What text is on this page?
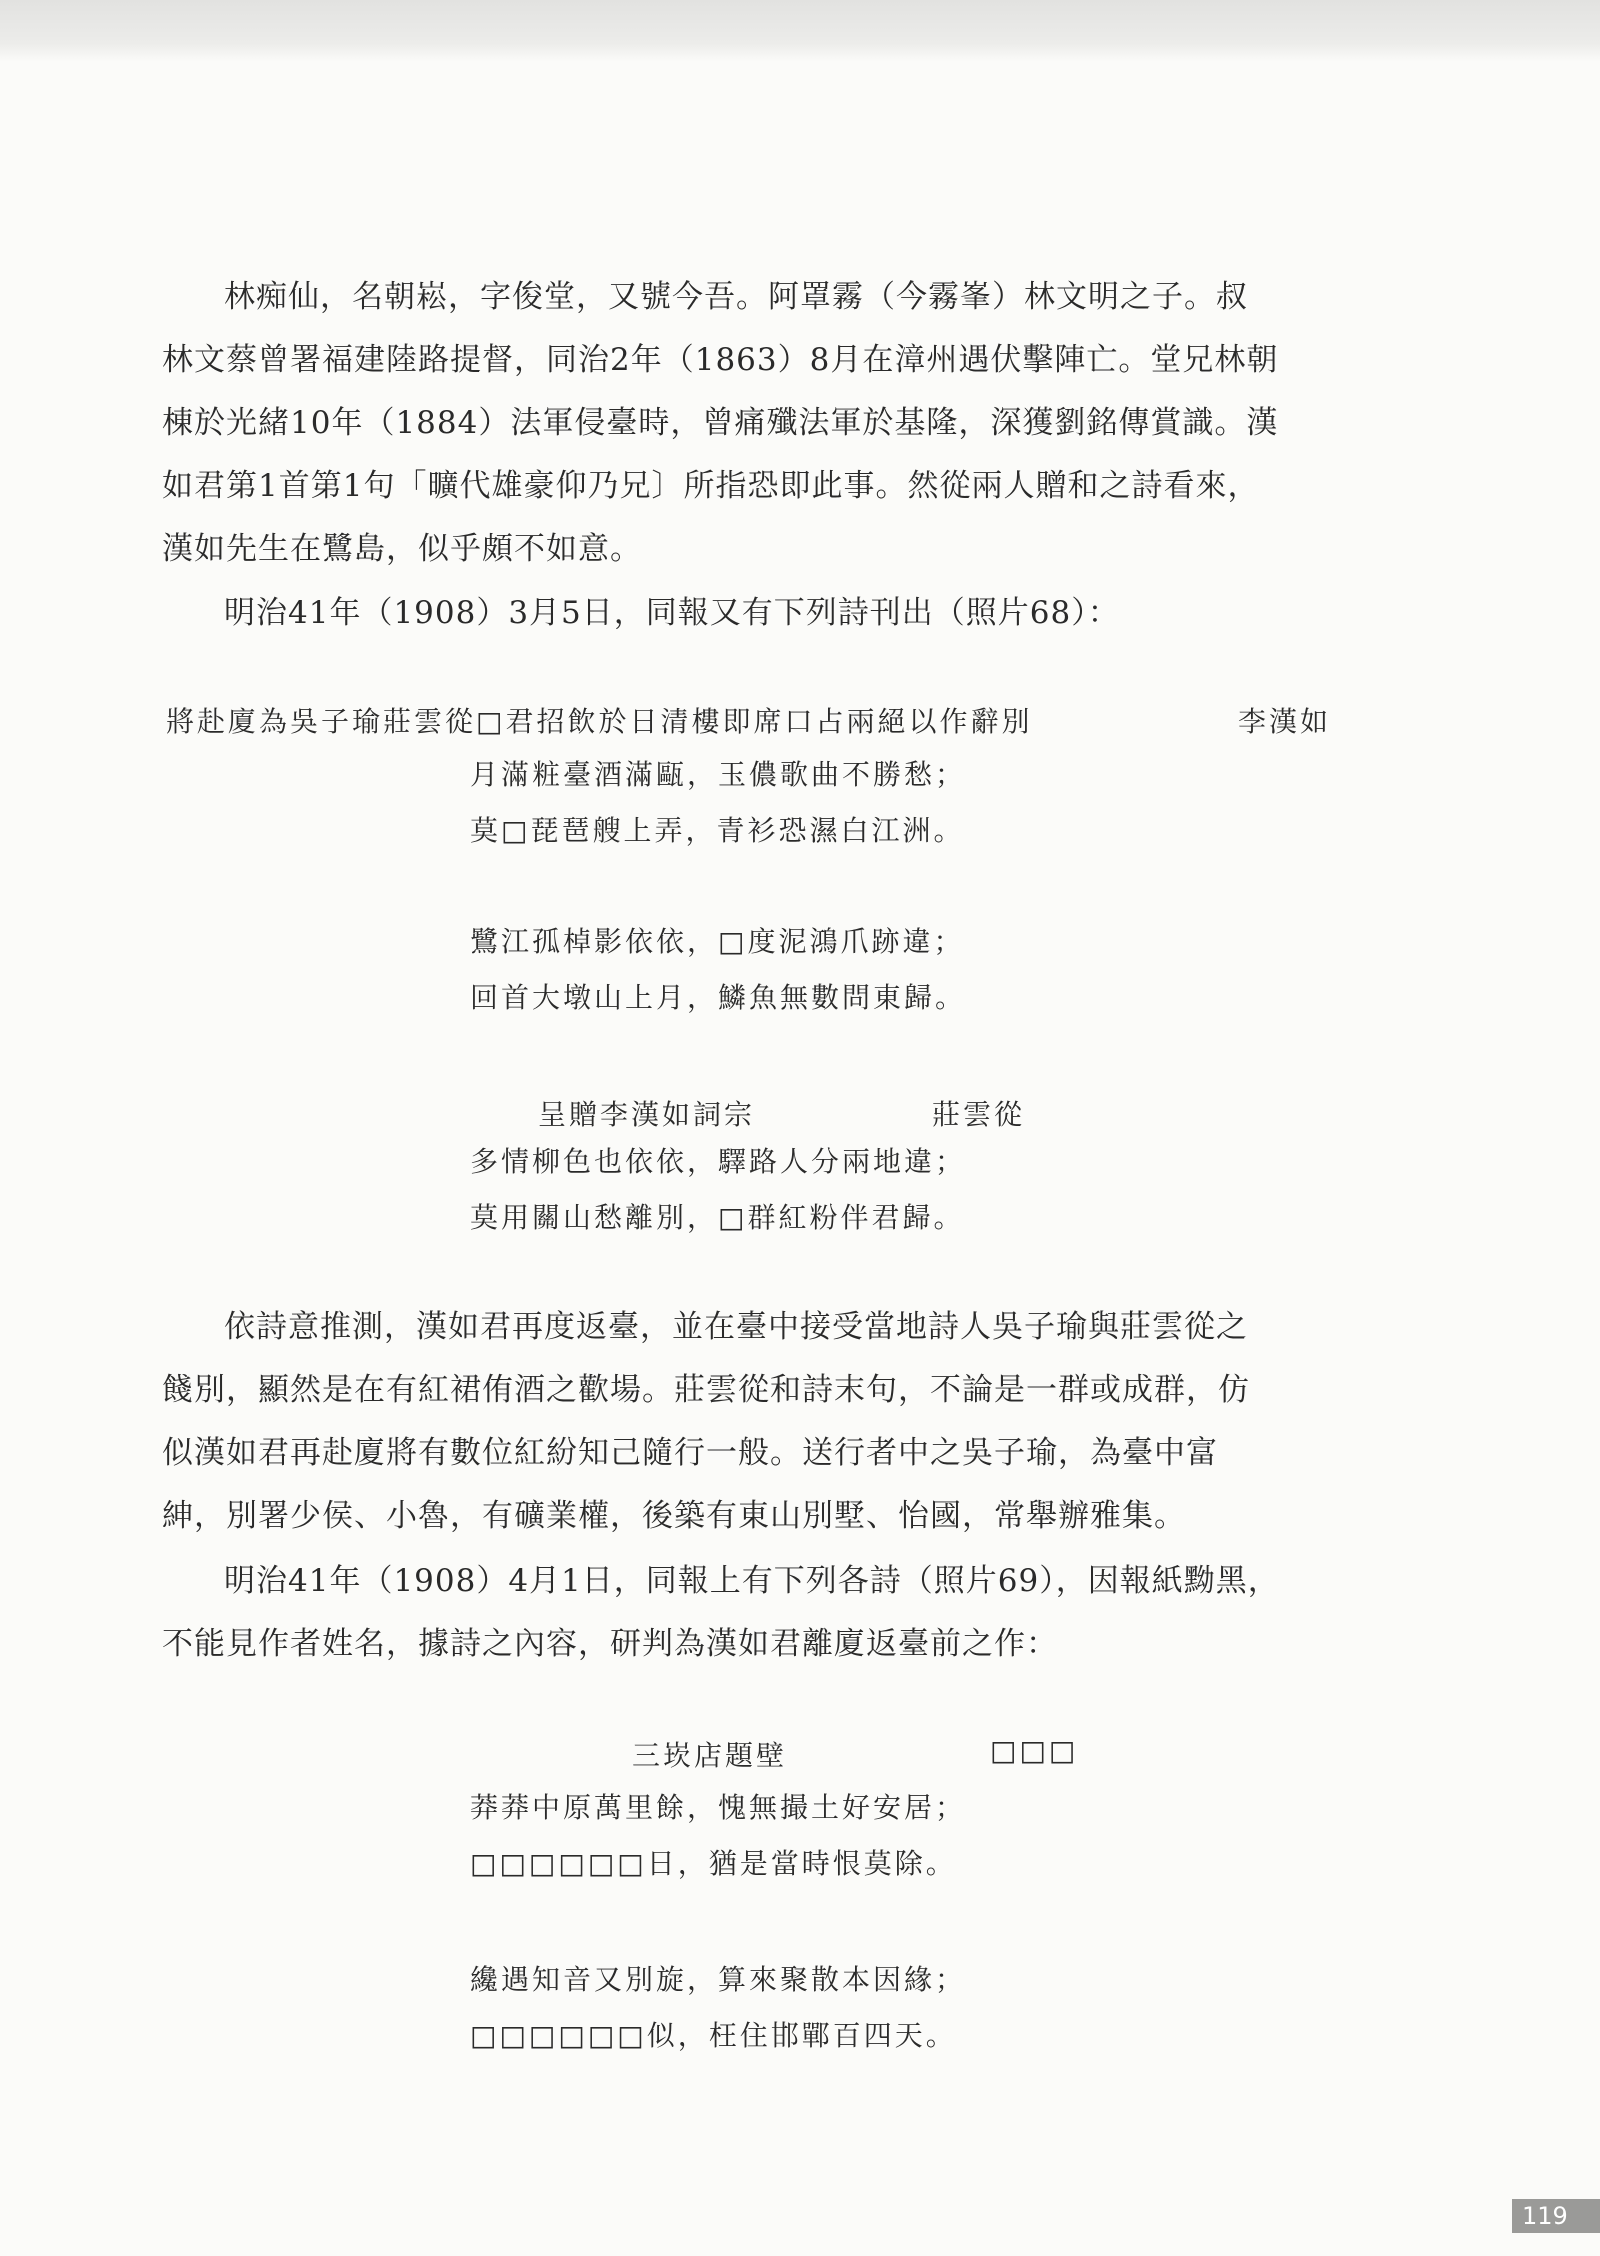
林痴仙，名朝崧，字俊堂，又號今吾。阿罩霧（今霧峯）林文明之子。叔
林文蔡曾署福建陸路提督，同治2年（1863）8月在漳州遇伏擊陣亡。堂兄林朝
棟於光緒10年（1884）法軍侵臺時，曾痛殲法軍於基隆，深獲劉銘傳賞識。漢
如君第1首第1句「曠代雄豪仰乃兄〕所指恐即此事。然從兩人贈和之詩看來，
漢如先生在鷺島，似乎頗不如意。
明治41年（1908）3月5日，同報又有下列詩刊出（照片68）：
將赴廈為吳子瑜莊雲從□君招飲於日清樓即席口占兩絕以作辭別	李漢如
月滿粧臺酒滿甌，玉儂歌曲不勝愁；
莫□琵琶艘上弄，青衫恐濕白江洲。
鷺江孤棹影依依，□度泥鴻爪跡違；
回首大墩山上月，鱗魚無數問東歸。
呈贈李漢如詞宗	莊雲從
多情柳色也依依，驛路人分兩地違；
莫用關山愁離別，□群紅粉伴君歸。
依詩意推測，漢如君再度返臺，並在臺中接受當地詩人吳子瑜與莊雲從之
餞別，顯然是在有紅裙侑酒之歡場。莊雲從和詩末句，不論是一群或成群，仿
似漢如君再赴廈將有數位紅紛知己隨行一般。送行者中之吳子瑜，為臺中富
紳，別署少侯、小魯，有礦業權，後築有東山別墅、怡國，常舉辦雅集。
明治41年（1908）4月1日，同報上有下列各詩（照片69），因報紙黝黑，
不能見作者姓名，據詩之內容，研判為漢如君離廈返臺前之作：
三崁店題壁	□□□
莽莽中原萬里餘，愧無撮土好安居；
□□□□□□日，猶是當時恨莫除。
纔遇知音又別旋，算來聚散本因緣；
□□□□□□似，枉住邯鄲百四天。
119
